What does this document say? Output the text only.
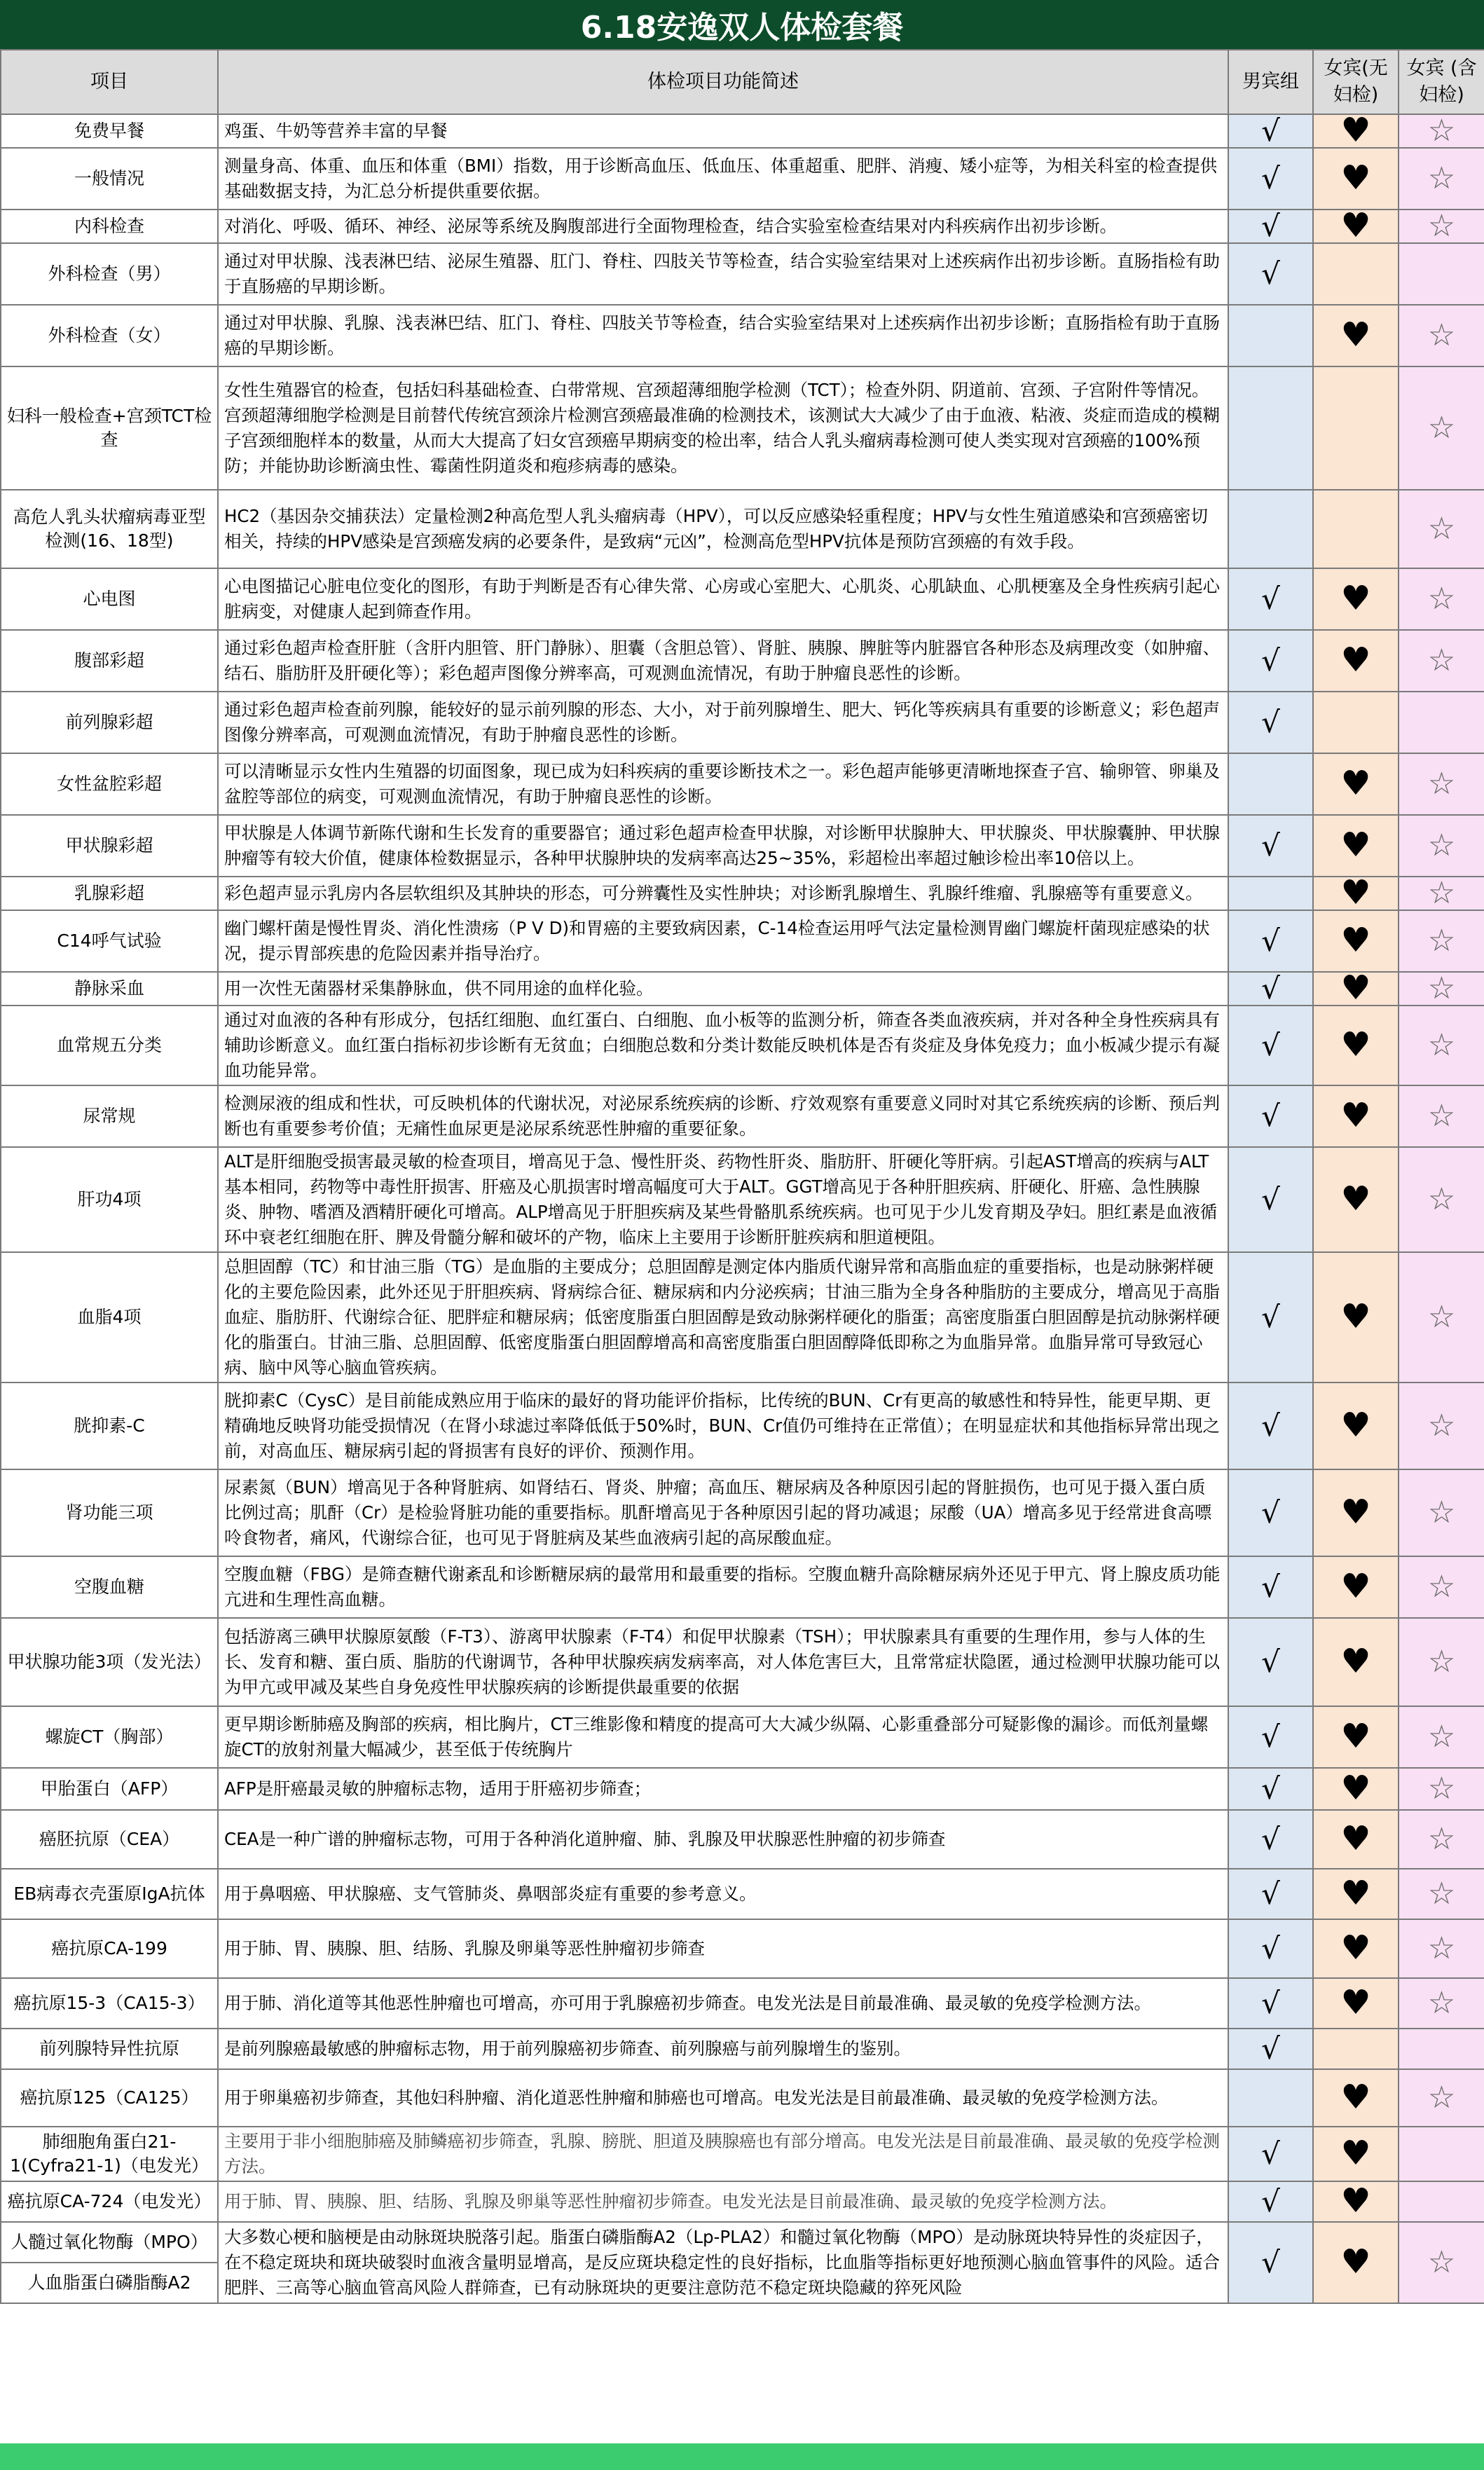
6.18安逸双人体检套餐
项目	体检项目功能简述	男宾组	女宾(无妇检)	女宾 (含妇检)
免费早餐	鸡蛋、牛奶等营养丰富的早餐	√	♥	☆
一般情况	测量身高、体重、血压和体重（BMI）指数，用于诊断高血压、低血压、体重超重、肥胖、消瘦、矮小症等，为相关科室的检查提供基础数据支持，为汇总分析提供重要依据。	√	♥	☆
内科检查	对消化、呼吸、循环、神经、泌尿等系统及胸腹部进行全面物理检查，结合实验室检查结果对内科疾病作出初步诊断。	√	♥	☆
外科检查（男）	通过对甲状腺、浅表淋巴结、泌尿生殖器、肛门、脊柱、四肢关节等检查，结合实验室结果对上述疾病作出初步诊断。直肠指检有助于直肠癌的早期诊断。	√		
外科检查（女）	通过对甲状腺、乳腺、浅表淋巴结、肛门、脊柱、四肢关节等检查，结合实验室结果对上述疾病作出初步诊断；直肠指检有助于直肠癌的早期诊断。		♥	☆
妇科一般检查+宫颈TCT检查	女性生殖器官的检查，包括妇科基础检查、白带常规、宫颈超薄细胞学检测（TCT）；检查外阴、阴道前、宫颈、子宫附件等情况。宫颈超薄细胞学检测是目前替代传统宫颈涂片检测宫颈癌最准确的检测技术，该测试大大减少了由于血液、粘液、炎症而造成的模糊子宫颈细胞样本的数量，从而大大提高了妇女宫颈癌早期病变的检出率，结合人乳头瘤病毒检测可使人类实现对宫颈癌的100%预防；并能协助诊断滴虫性、霉菌性阴道炎和疱疹病毒的感染。			☆
高危人乳头状瘤病毒亚型检测(16、18型)	HC2（基因杂交捕获法）定量检测2种高危型人乳头瘤病毒（HPV），可以反应感染轻重程度；HPV与女性生殖道感染和宫颈癌密切相关，持续的HPV感染是宫颈癌发病的必要条件，是致病“元凶”，检测高危型HPV抗体是预防宫颈癌的有效手段。			☆
心电图	心电图描记心脏电位变化的图形，有助于判断是否有心律失常、心房或心室肥大、心肌炎、心肌缺血、心肌梗塞及全身性疾病引起心脏病变，对健康人起到筛查作用。	√	♥	☆
腹部彩超	通过彩色超声检查肝脏（含肝内胆管、肝门静脉）、胆囊（含胆总管）、肾脏、胰腺、脾脏等内脏器官各种形态及病理改变（如肿瘤、结石、脂肪肝及肝硬化等）；彩色超声图像分辨率高，可观测血流情况，有助于肿瘤良恶性的诊断。	√	♥	☆
前列腺彩超	通过彩色超声检查前列腺，能较好的显示前列腺的形态、大小，对于前列腺增生、肥大、钙化等疾病具有重要的诊断意义；彩色超声图像分辨率高，可观测血流情况，有助于肿瘤良恶性的诊断。	√		
女性盆腔彩超	可以清晰显示女性内生殖器的切面图象，现已成为妇科疾病的重要诊断技术之一。彩色超声能够更清晰地探查子宫、输卵管、卵巢及盆腔等部位的病变，可观测血流情况，有助于肿瘤良恶性的诊断。		♥	☆
甲状腺彩超	甲状腺是人体调节新陈代谢和生长发育的重要器官；通过彩色超声检查甲状腺，对诊断甲状腺肿大、甲状腺炎、甲状腺囊肿、甲状腺肿瘤等有较大价值，健康体检数据显示，各种甲状腺肿块的发病率高达25~35%，彩超检出率超过触诊检出率10倍以上。	√	♥	☆
乳腺彩超	彩色超声显示乳房内各层软组织及其肿块的形态，可分辨囊性及实性肿块；对诊断乳腺增生、乳腺纤维瘤、乳腺癌等有重要意义。		♥	☆
C14呼气试验	幽门螺杆菌是慢性胃炎、消化性溃疡（P V D)和胃癌的主要致病因素，C-14检查运用呼气法定量检测胃幽门螺旋杆菌现症感染的状况，提示胃部疾患的危险因素并指导治疗。	√	♥	☆
静脉采血	用一次性无菌器材采集静脉血，供不同用途的血样化验。	√	♥	☆
血常规五分类	通过对血液的各种有形成分，包括红细胞、血红蛋白、白细胞、血小板等的监测分析，筛查各类血液疾病，并对各种全身性疾病具有辅助诊断意义。血红蛋白指标初步诊断有无贫血；白细胞总数和分类计数能反映机体是否有炎症及身体免疫力；血小板减少提示有凝血功能异常。	√	♥	☆
尿常规	检测尿液的组成和性状，可反映机体的代谢状况，对泌尿系统疾病的诊断、疗效观察有重要意义同时对其它系统疾病的诊断、预后判断也有重要参考价值；无痛性血尿更是泌尿系统恶性肿瘤的重要征象。	√	♥	☆
肝功4项	ALT是肝细胞受损害最灵敏的检查项目，增高见于急、慢性肝炎、药物性肝炎、脂肪肝、肝硬化等肝病。引起AST增高的疾病与ALT基本相同，药物等中毒性肝损害、肝癌及心肌损害时增高幅度可大于ALT。GGT增高见于各种肝胆疾病、肝硬化、肝癌、急性胰腺炎、肿物、嗜酒及酒精肝硬化可增高。ALP增高见于肝胆疾病及某些骨骼肌系统疾病。也可见于少儿发育期及孕妇。胆红素是血液循环中衰老红细胞在肝、脾及骨髓分解和破坏的产物，临床上主要用于诊断肝脏疾病和胆道梗阻。	√	♥	☆
血脂4项	总胆固醇（TC）和甘油三脂（TG）是血脂的主要成分；总胆固醇是测定体内脂质代谢异常和高脂血症的重要指标，也是动脉粥样硬化的主要危险因素，此外还见于肝胆疾病、肾病综合征、糖尿病和内分泌疾病；甘油三脂为全身各种脂肪的主要成分，增高见于高脂血症、脂肪肝、代谢综合征、肥胖症和糖尿病；低密度脂蛋白胆固醇是致动脉粥样硬化的脂蛋；高密度脂蛋白胆固醇是抗动脉粥样硬化的脂蛋白。甘油三脂、总胆固醇、低密度脂蛋白胆固醇增高和高密度脂蛋白胆固醇降低即称之为血脂异常。血脂异常可导致冠心病、脑中风等心脑血管疾病。	√	♥	☆
胱抑素-C	胱抑素C（CysC）是目前能成熟应用于临床的最好的肾功能评价指标，比传统的BUN、Cr有更高的敏感性和特异性，能更早期、更精确地反映肾功能受损情况（在肾小球滤过率降低低于50%时，BUN、Cr值仍可维持在正常值）；在明显症状和其他指标异常出现之前，对高血压、糖尿病引起的肾损害有良好的评价、预测作用。	√	♥	☆
肾功能三项	尿素氮（BUN）增高见于各种肾脏病、如肾结石、肾炎、肿瘤；高血压、糖尿病及各种原因引起的肾脏损伤，也可见于摄入蛋白质比例过高；肌酐（Cr）是检验肾脏功能的重要指标。肌酐增高见于各种原因引起的肾功减退；尿酸（UA）增高多见于经常进食高嘌呤食物者，痛风，代谢综合征，也可见于肾脏病及某些血液病引起的高尿酸血症。	√	♥	☆
空腹血糖	空腹血糖（FBG）是筛查糖代谢紊乱和诊断糖尿病的最常用和最重要的指标。空腹血糖升高除糖尿病外还见于甲亢、肾上腺皮质功能亢进和生理性高血糖。	√	♥	☆
甲状腺功能3项（发光法）	包括游离三碘甲状腺原氨酸（F-T3）、游离甲状腺素（F-T4）和促甲状腺素（TSH）；甲状腺素具有重要的生理作用，参与人体的生长、发育和糖、蛋白质、脂肪的代谢调节，各种甲状腺疾病发病率高，对人体危害巨大，且常常症状隐匿，通过检测甲状腺功能可以为甲亢或甲减及某些自身免疫性甲状腺疾病的诊断提供最重要的依据	√	♥	☆
螺旋CT（胸部）	更早期诊断肺癌及胸部的疾病，相比胸片，CT三维影像和精度的提高可大大减少纵隔、心影重叠部分可疑影像的漏诊。而低剂量螺旋CT的放射剂量大幅减少，甚至低于传统胸片	√	♥	☆
甲胎蛋白（AFP）	AFP是肝癌最灵敏的肿瘤标志物，适用于肝癌初步筛查；	√	♥	☆
癌胚抗原（CEA）	CEA是一种广谱的肿瘤标志物，可用于各种消化道肿瘤、肺、乳腺及甲状腺恶性肿瘤的初步筛查	√	♥	☆
EB病毒衣壳蛋原IgA抗体	用于鼻咽癌、甲状腺癌、支气管肺炎、鼻咽部炎症有重要的参考意义。	√	♥	☆
癌抗原CA-199	用于肺、胃、胰腺、胆、结肠、乳腺及卵巢等恶性肿瘤初步筛查	√	♥	☆
癌抗原15-3（CA15-3）	用于肺、消化道等其他恶性肿瘤也可增高，亦可用于乳腺癌初步筛查。电发光法是目前最准确、最灵敏的免疫学检测方法。	√	♥	☆
前列腺特异性抗原	是前列腺癌最敏感的肿瘤标志物，用于前列腺癌初步筛查、前列腺癌与前列腺增生的鉴别。	√		
癌抗原125（CA125）	用于卵巢癌初步筛查，其他妇科肿瘤、消化道恶性肿瘤和肺癌也可增高。电发光法是目前最准确、最灵敏的免疫学检测方法。		♥	☆
肺细胞角蛋白21-1(Cyfra21-1)（电发光）	主要用于非小细胞肺癌及肺鳞癌初步筛查，乳腺、膀胱、胆道及胰腺癌也有部分增高。电发光法是目前最准确、最灵敏的免疫学检测方法。	√	♥	
癌抗原CA-724（电发光）	用于肺、胃、胰腺、胆、结肠、乳腺及卵巢等恶性肿瘤初步筛查。电发光法是目前最准确、最灵敏的免疫学检测方法。	√	♥	
人髓过氧化物酶（MPO）	大多数心梗和脑梗是由动脉斑块脱落引起。脂蛋白磷脂酶A2（Lp-PLA2）和髓过氧化物酶（MPO）是动脉斑块特异性的炎症因子，在不稳定斑块和斑块破裂时血液含量明显增高，是反应斑块稳定性的良好指标，比血脂等指标更好地预测心脑血管事件的风险。适合肥胖、三高等心脑血管高风险人群筛查，已有动脉斑块的更要注意防范不稳定斑块隐藏的猝死风险	√	♥	☆
人血脂蛋白磷脂酶A2				
